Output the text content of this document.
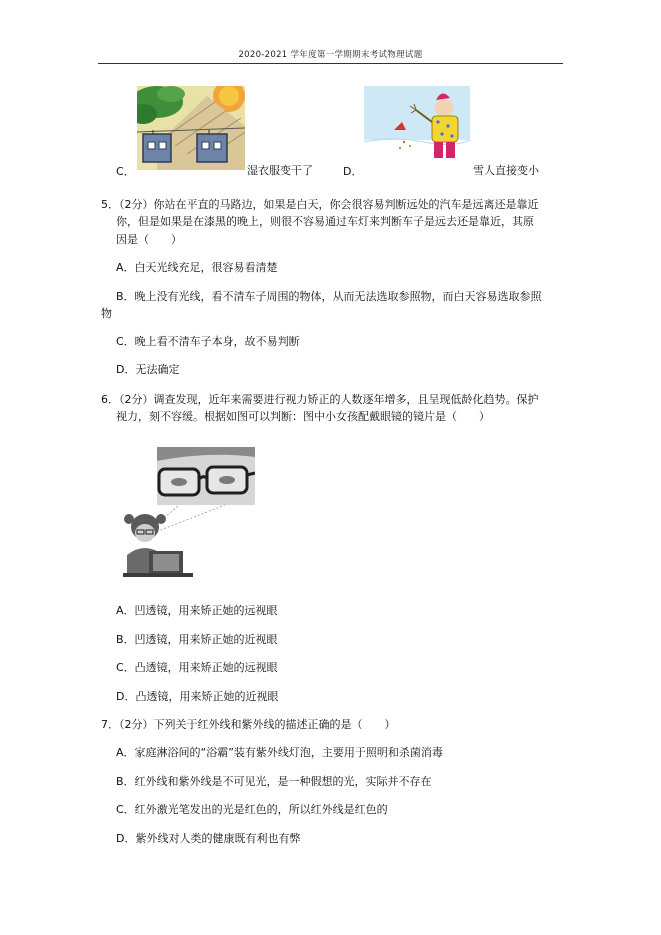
2020-2021 学年度第一学期期末考试物理试题
C．	湿衣服变干了	D．	雪人直接变小
5．（2分）你站在平直的马路边，如果是白天，你会很容易判断远处的汽车是远离还是靠近
你，但是如果是在漆黑的晚上，则很不容易通过车灯来判断车子是远去还是靠近，其原
因是（　　）
A．白天光线充足，很容易看清楚
B．晚上没有光线，看不清车子周围的物体，从而无法选取参照物，而白天容易选取参照
物
C．晚上看不清车子本身，故不易判断
D．无法确定
6．（2分）调查发现，近年来需要进行视力矫正的人数逐年增多，且呈现低龄化趋势。保护
视力，刻不容缓。根据如图可以判断：图中小女孩配戴眼镜的镜片是（　　）
A．凹透镜，用来矫正她的远视眼
B．凹透镜，用来矫正她的近视眼
C．凸透镜，用来矫正她的远视眼
D．凸透镜，用来矫正她的近视眼
7．（2分）下列关于红外线和紫外线的描述正确的是（　　）
A．家庭淋浴间的“浴霸”装有紫外线灯泡，主要用于照明和杀菌消毒
B．红外线和紫外线是不可见光，是一种假想的光，实际并不存在
C．红外激光笔发出的光是红色的，所以红外线是红色的
D．紫外线对人类的健康既有利也有弊
